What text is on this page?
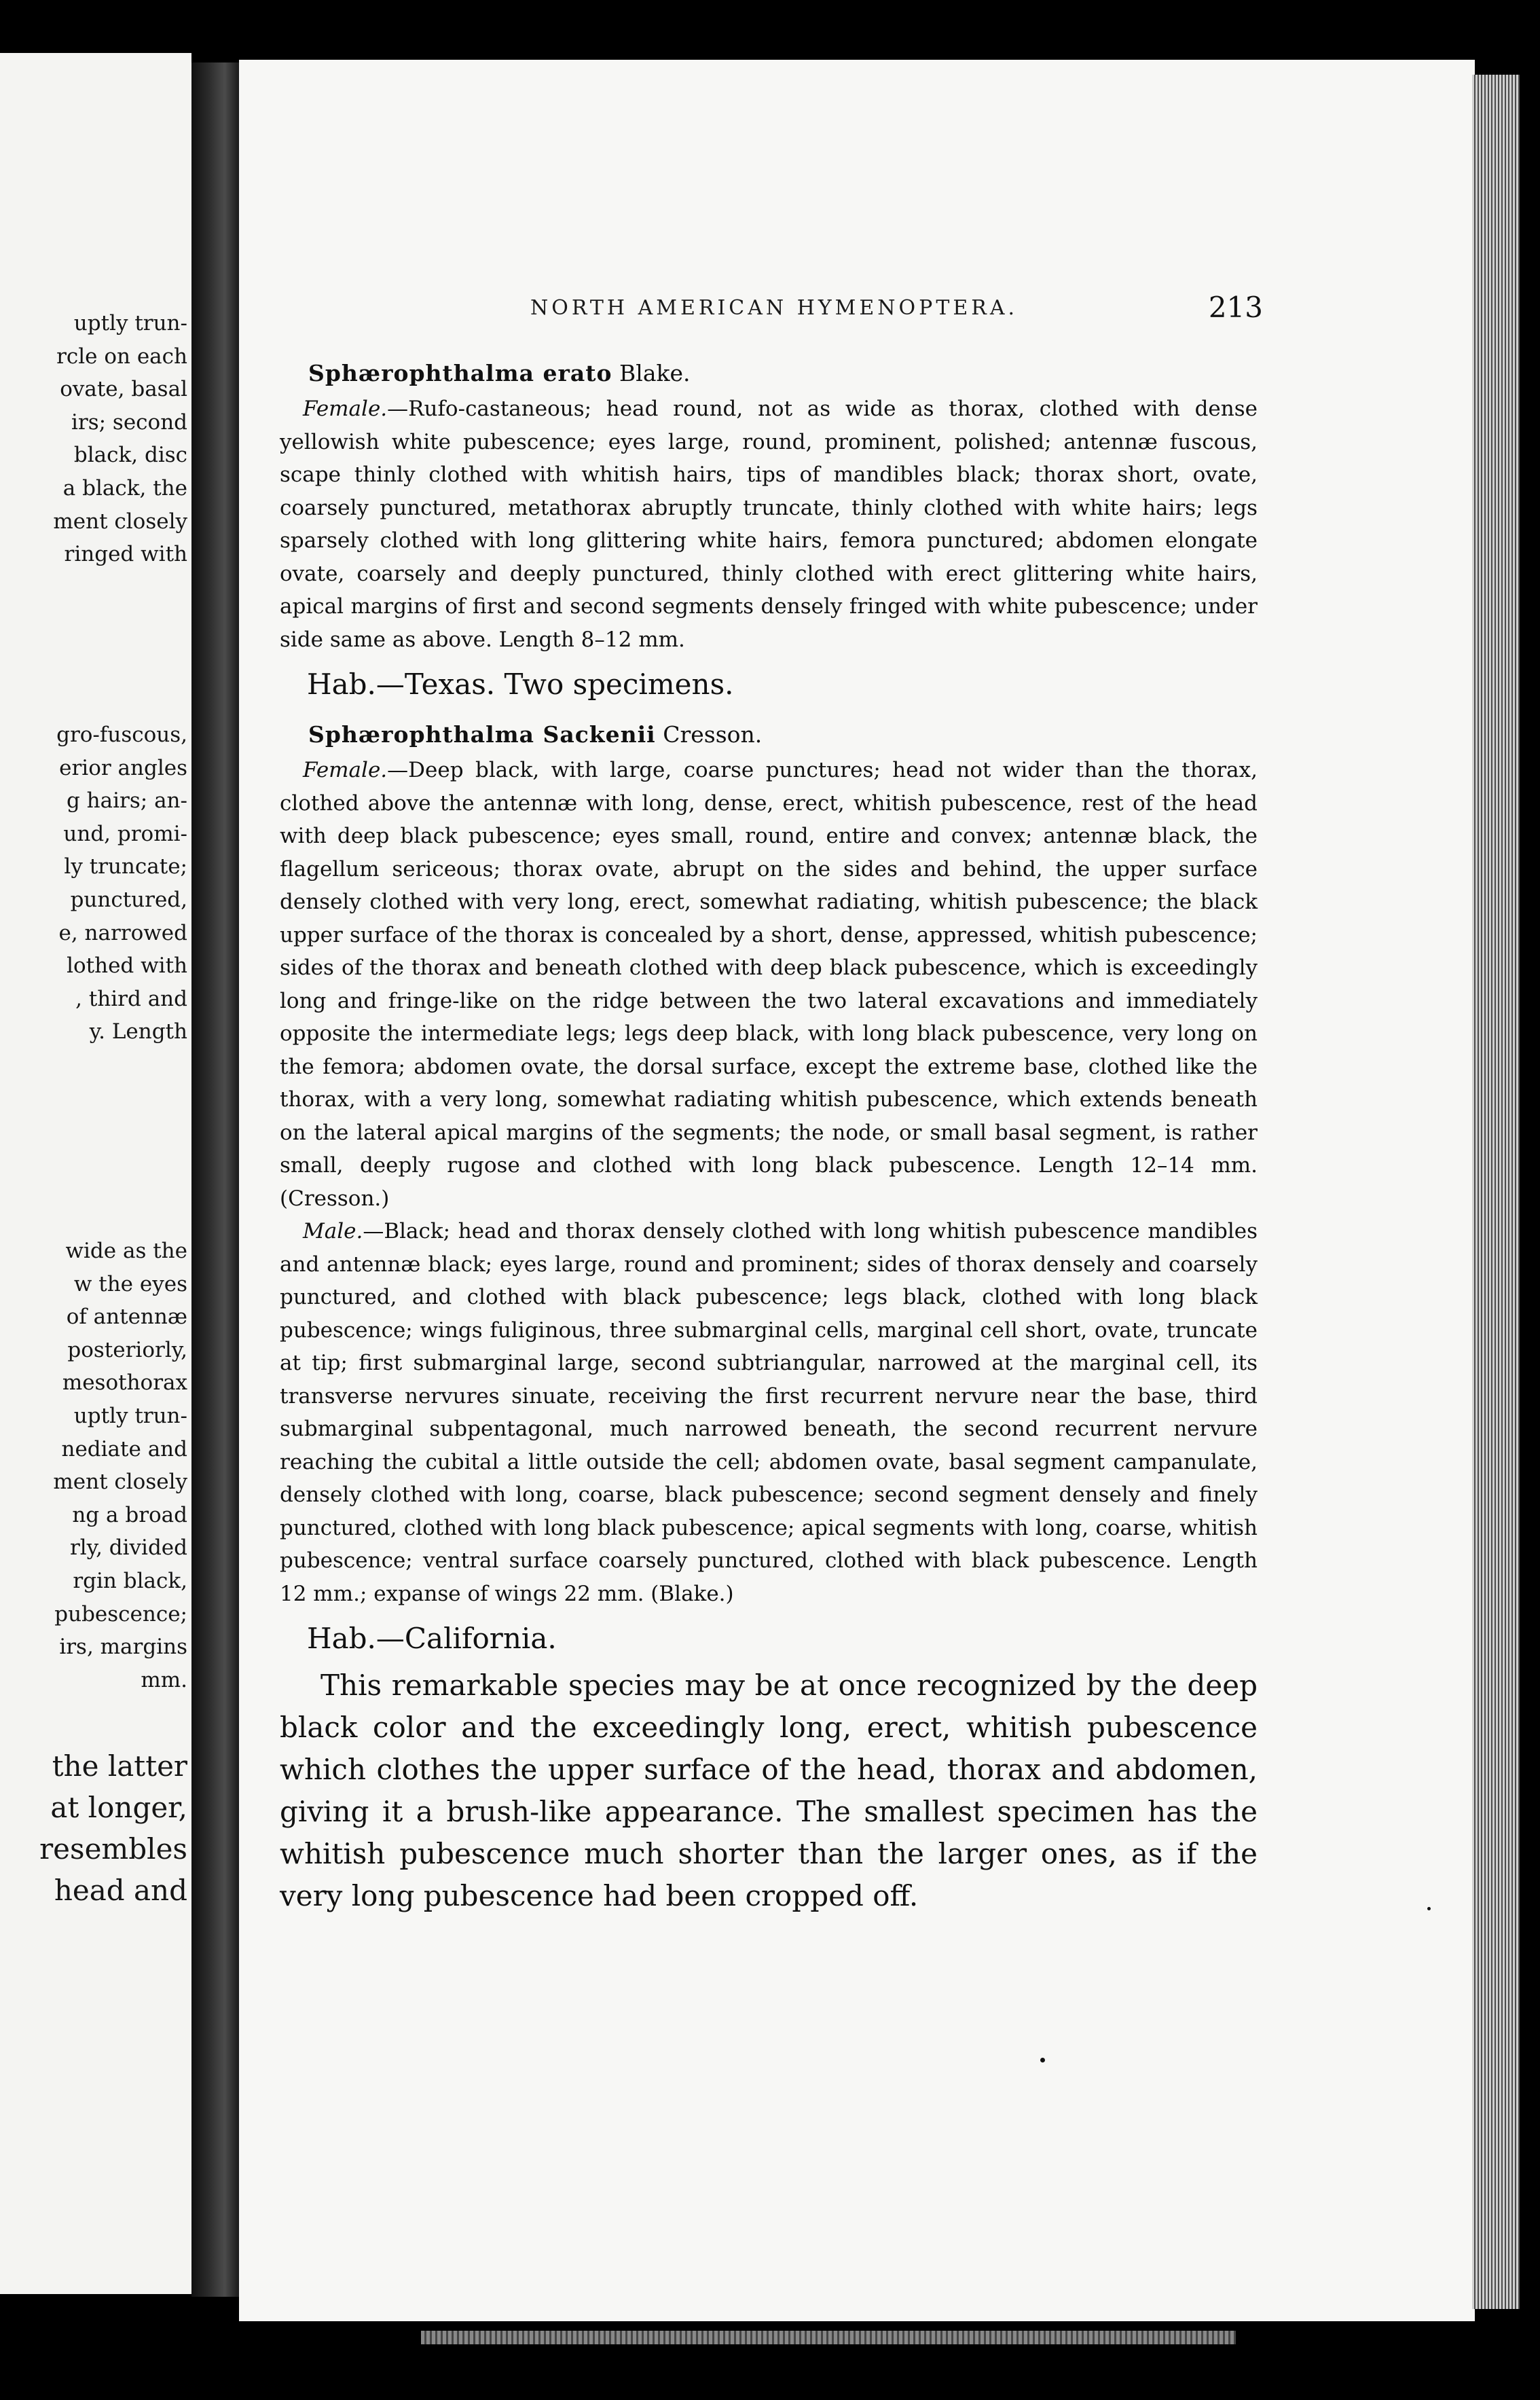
uptly trun-
rcle on each
ovate, basal
irs; second
black, disc
a black, the
ment closely
ringed with
gro-fuscous,
erior angles
g hairs; an-
und, promi-
ly truncate;
punctured,
e, narrowed
lothed with
, third and
y. Length
wide as the
w the eyes
of antennæ
posteriorly,
mesothorax
uptly trun-
nediate and
ment closely
ng a broad
rly, divided
rgin black,
pubescence;
irs, margins
mm.
the latter
at longer,
resembles
head and
NORTH AMERICAN HYMENOPTERA.	213

Sphærophthalma erato Blake.

Female.—Rufo-castaneous; head round, not as wide as thorax, clothed with dense yellowish white pubescence; eyes large, round, prominent, polished; antennæ fuscous, scape thinly clothed with whitish hairs, tips of mandibles black; thorax short, ovate, coarsely punctured, metathorax abruptly truncate, thinly clothed with white hairs; legs sparsely clothed with long glittering white hairs, femora punctured; abdomen elongate ovate, coarsely and deeply punctured, thinly clothed with erect glittering white hairs, apical margins of first and second segments densely fringed with white pubescence; under side same as above. Length 8–12 mm.

Hab.—Texas. Two specimens.

Sphærophthalma Sackenii Cresson.

Female.—Deep black, with large, coarse punctures; head not wider than the thorax, clothed above the antennæ with long, dense, erect, whitish pubescence, rest of the head with deep black pubescence; eyes small, round, entire and convex; antennæ black, the flagellum sericeous; thorax ovate, abrupt on the sides and behind, the upper surface densely clothed with very long, erect, somewhat radiating, whitish pubescence; the black upper surface of the thorax is concealed by a short, dense, appressed, whitish pubescence; sides of the thorax and beneath clothed with deep black pubescence, which is exceedingly long and fringe-like on the ridge between the two lateral excavations and immediately opposite the intermediate legs; legs deep black, with long black pubescence, very long on the femora; abdomen ovate, the dorsal surface, except the extreme base, clothed like the thorax, with a very long, somewhat radiating whitish pubescence, which extends beneath on the lateral apical margins of the segments; the node, or small basal segment, is rather small, deeply rugose and clothed with long black pubescence. Length 12–14 mm. (Cresson.)

Male.—Black; head and thorax densely clothed with long whitish pubescence mandibles and antennæ black; eyes large, round and prominent; sides of thorax densely and coarsely punctured, and clothed with black pubescence; legs black, clothed with long black pubescence; wings fuliginous, three submarginal cells, marginal cell short, ovate, truncate at tip; first submarginal large, second subtriangular, narrowed at the marginal cell, its transverse nervures sinuate, receiving the first recurrent nervure near the base, third submarginal subpentagonal, much narrowed beneath, the second recurrent nervure reaching the cubital a little outside the cell; abdomen ovate, basal segment campanulate, densely clothed with long, coarse, black pubescence; second segment densely and finely punctured, clothed with long black pubescence; apical segments with long, coarse, whitish pubescence; ventral surface coarsely punctured, clothed with black pubescence. Length 12 mm.; expanse of wings 22 mm. (Blake.)

Hab.—California.

This remarkable species may be at once recognized by the deep black color and the exceedingly long, erect, whitish pubescence which clothes the upper surface of the head, thorax and abdomen, giving it a brush-like appearance. The smallest specimen has the whitish pubescence much shorter than the larger ones, as if the very long pubescence had been cropped off.
